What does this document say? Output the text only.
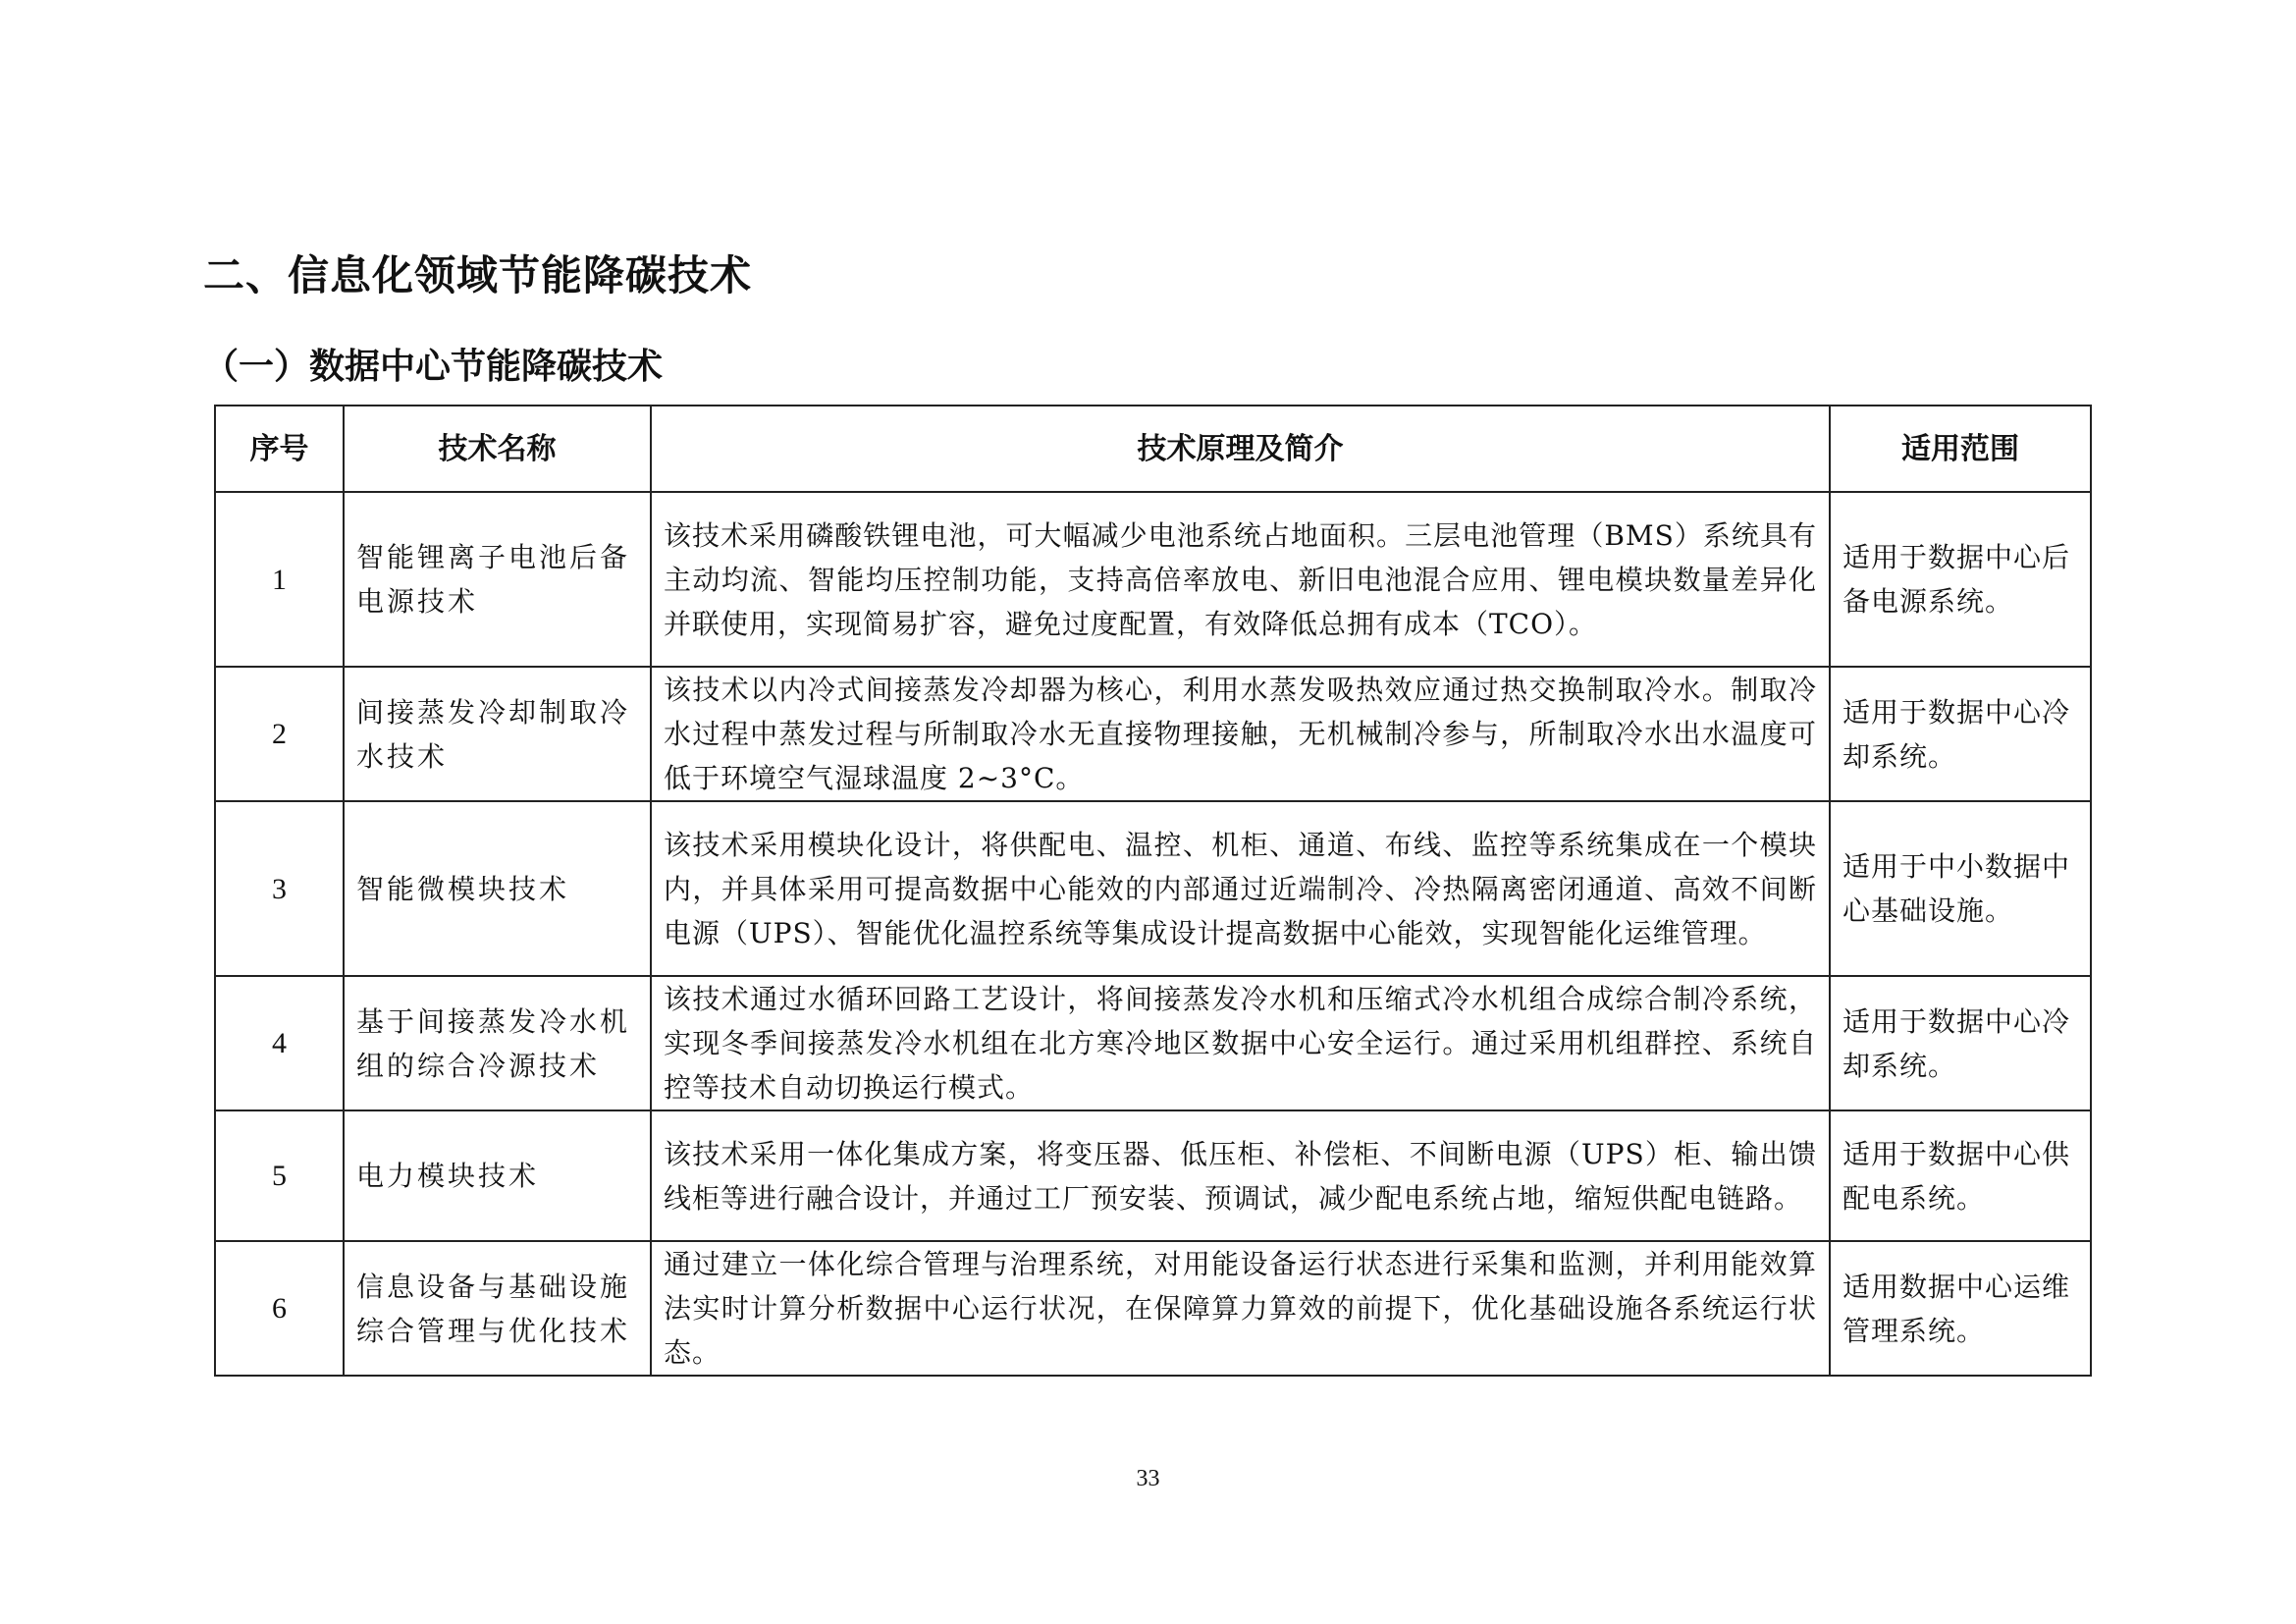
二、信息化领域节能降碳技术
（一）数据中心节能降碳技术
序号	技术名称	技术原理及简介	适用范围
1	智能锂离子电池后备电源技术	该技术采用磷酸铁锂电池，可大幅减少电池系统占地面积。三层电池管理（BMS）系统具有主动均流、智能均压控制功能，支持高倍率放电、新旧电池混合应用、锂电模块数量差异化并联使用，实现简易扩容，避免过度配置，有效降低总拥有成本（TCO）。	适用于数据中心后备电源系统。
2	间接蒸发冷却制取冷水技术	该技术以内冷式间接蒸发冷却器为核心，利用水蒸发吸热效应通过热交换制取冷水。制取冷水过程中蒸发过程与所制取冷水无直接物理接触，无机械制冷参与，所制取冷水出水温度可低于环境空气湿球温度 2~3°C。	适用于数据中心冷却系统。
3	智能微模块技术	该技术采用模块化设计，将供配电、温控、机柜、通道、布线、监控等系统集成在一个模块内，并具体采用可提高数据中心能效的内部通过近端制冷、冷热隔离密闭通道、高效不间断电源（UPS）、智能优化温控系统等集成设计提高数据中心能效，实现智能化运维管理。	适用于中小数据中心基础设施。
4	基于间接蒸发冷水机组的综合冷源技术	该技术通过水循环回路工艺设计，将间接蒸发冷水机和压缩式冷水机组合成综合制冷系统，实现冬季间接蒸发冷水机组在北方寒冷地区数据中心安全运行。通过采用机组群控、系统自控等技术自动切换运行模式。	适用于数据中心冷却系统。
5	电力模块技术	该技术采用一体化集成方案，将变压器、低压柜、补偿柜、不间断电源（UPS）柜、输出馈线柜等进行融合设计，并通过工厂预安装、预调试，减少配电系统占地，缩短供配电链路。	适用于数据中心供配电系统。
6	信息设备与基础设施综合管理与优化技术	通过建立一体化综合管理与治理系统，对用能设备运行状态进行采集和监测，并利用能效算法实时计算分析数据中心运行状况，在保障算力算效的前提下，优化基础设施各系统运行状态。	适用数据中心运维管理系统。
33
